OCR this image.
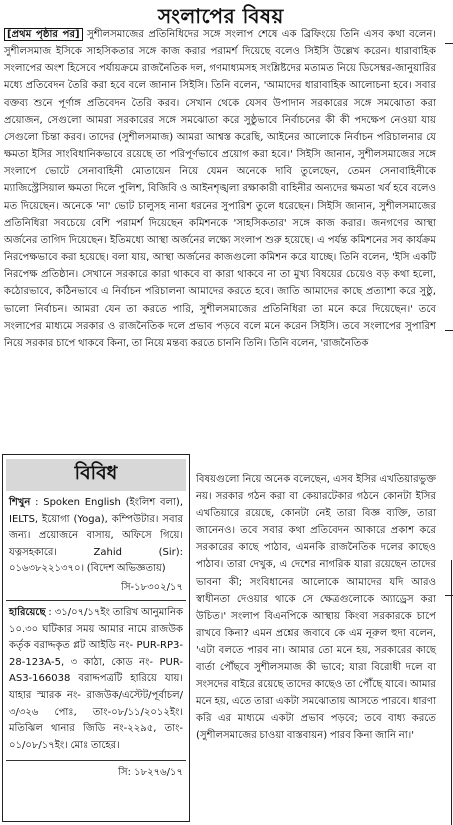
সংলাপের বিষয়

[প্রথম পৃষ্ঠার পর] সুশীলসমাজের প্রতিনিধিদের সঙ্গে সংলাপ শেষে এক ব্রিফিংয়ে তিনি এসব কথা বলেন। সুশীলসমাজ ইসিকে সাহসিকতার সঙ্গে কাজ করার পরামর্শ দিয়েছে বলেও সিইসি উল্লেখ করেন। ধারাবাহিক সংলাপের অংশ হিসেবে পর্যায়ক্রমে রাজনৈতিক দল, গণমাধ্যমসহ সংশ্লিষ্টদের মতামত নিয়ে ডিসেম্বর-জানুয়ারির মধ্যে প্রতিবেদন তৈরি করা হবে বলে জানান সিইসি। তিনি বলেন, 'আমাদের ধারাবাহিক আলোচনা হবে। সবার বক্তব্য শুনে পূর্ণাঙ্গ প্রতিবেদন তৈরি করব। সেখান থেকে যেসব উপাদান সরকারের সঙ্গে সমঝোতা করা প্রয়োজন, সেগুলো আমরা সরকারের সঙ্গে সমঝোতা করে সুষ্ঠুভাবে নির্বাচনের কী কী পদক্ষেপ নেওয়া যায় সেগুলো চিন্তা করব। তাদের (সুশীলসমাজ) আমরা আশ্বস্ত করেছি, আইনের আলোকে নির্বাচন পরিচালনার যে ক্ষমতা ইসির সাংবিধানিকভাবে রয়েছে তা পরিপূর্ণভাবে প্রয়োগ করা হবে।' সিইসি জানান, সুশীলসমাজের সঙ্গে সংলাপে ভোটে সেনাবাহিনী মোতায়েন নিয়ে যেমন অনেকে দাবি তুলেছেন, তেমন সেনাবাহিনীকে ম্যাজিস্ট্রেসিয়াল ক্ষমতা দিলে পুলিশ, বিজিবি ও আইনশৃঙ্খলা রক্ষাকারী বাহিনীর অন্যদের ক্ষমতা খর্ব হবে বলেও মত দিয়েছেন। অনেকে 'না' ভোট চালুসহ নানা ধরনের সুপারিশ তুলে ধরেছেন। সিইসি জানান, সুশীলসমাজের প্রতিনিধিরা সবচেয়ে বেশি পরামর্শ দিয়েছেন কমিশনকে 'সাহসিকতার' সঙ্গে কাজ করার। জনগণের আস্থা অর্জনের তাগিদ দিয়েছেন। ইতিমধ্যে আস্থা অর্জনের লক্ষ্যে সংলাপ শুরু হয়েছে। এ পর্যন্ত কমিশনের সব কার্যক্রম নিরপেক্ষভাবে করা হয়েছে। বলা যায়, আস্থা অর্জনের কাজগুলো কমিশন করে যাচ্ছে। তিনি বলেন, 'ইসি একটি নিরপেক্ষ প্রতিষ্ঠান। সেখানে সরকারে কারা থাকবে বা কারা থাকবে না তা মুখ্য বিষয়ের চেয়েও বড় কথা হলো, কঠোরভাবে, কঠিনভাবে এ নির্বাচন পরিচালনা আমাদের করতে হবে। জাতি আমাদের কাছে প্রত্যাশা করে সুষ্ঠু, ভালো নির্বাচন। আমরা যেন তা করতে পারি, সুশীলসমাজের প্রতিনিধিরা তা মনে করে দিয়েছেন।' তবে সংলাপের মাধ্যমে সরকার ও রাজনৈতিক দলে প্রভাব পড়বে বলে মনে করেন সিইসি। তবে সংলাপের সুপারিশ নিয়ে সরকার চাপে থাকবে কিনা, তা নিয়ে মন্তব্য করতে চাননি তিনি। তিনি বলেন, 'রাজনৈতিক

বিষয়গুলো নিয়ে অনেক বলেছেন, এসব ইসির এখতিয়ারভুক্ত নয়। সরকার গঠন করা বা কেয়ারটেকার গঠনে কোনটা ইসির এখতিয়ারে রয়েছে, কোনটা নেই তারা বিজ্ঞ ব্যক্তি, তারা জানেনও। তবে সবার কথা প্রতিবেদন আকারে প্রকাশ করে সরকারের কাছে পাঠাব, এমনকি রাজনৈতিক দলের কাছেও পাঠাব। তারা দেখুক, এ দেশের নাগরিক যারা রয়েছেন তাদের ভাবনা কী; সংবিধানের আলোকে আমাদের যদি আরও স্বাধীনতা দেওয়ার থাকে সে ক্ষেত্রগুলোকে অ্যাড্রেস করা উচিত।' সংলাপ বিএনপিকে আস্থায় কিংবা সরকারকে চাপে রাখবে কিনা? এমন প্রশ্নের জবাবে কে এম নূরুল হুদা বলেন, 'এটা বলতে পারব না। আমার তো মনে হয়, সরকারের কাছে বার্তা পৌঁছবে সুশীলসমাজ কী ভাবে; যারা বিরোধী দলে বা সংসদের বাইরে রয়েছে তাদের কাছেও তা পৌঁছে যাবে। আমার মনে হয়, এতে তারা একটা সমঝোতায় আসতে পারবে। ধারণা করি এর মাধ্যমে একটা প্রভাব পড়বে; তবে বাধ্য করতে (সুশীলসমাজের চাওয়া বাস্তবায়ন) পারব কিনা জানি না।'

বিবিধ

শিখুন : Spoken English (ইংলিশ বলা), IELTS, ইয়োগা (Yoga), কম্পিউটার। সবার জন্য। প্রয়োজনে বাসায়, অফিসে গিয়ে। যত্নসহকারে। Zahid (Sir): ০১৬৩৮২২১৩৭০। (বিদেশ অভিজ্ঞতায়)

সি-১৮৩০২/১৭

হারিয়েছে : ৩১/০৭/১৭ইং তারিখ আনুমানিক ১০.৩০ ঘটিকার সময় আমার নামে রাজউক কর্তৃক বরাদ্দকৃত প্লট আইডি নং- PUR-RP3-28-123A-5, ৩ কাঠা, কোড নং- PUR-AS3-166038 বরাদ্দপত্রটি হারিয়ে যায়। যাহার স্মারক নং- রাজউক/এস্টেট/পূর্বাচল/৩/৩২৬ পোঃ, তাং-০৮/১১/২০১২ইং। মতিঝিল থানার জিডি নং-২২৯৫, তাং- ০১/০৮/১৭ইং। মোঃ তাহের।

সি: ১৮২৭৬/১৭
